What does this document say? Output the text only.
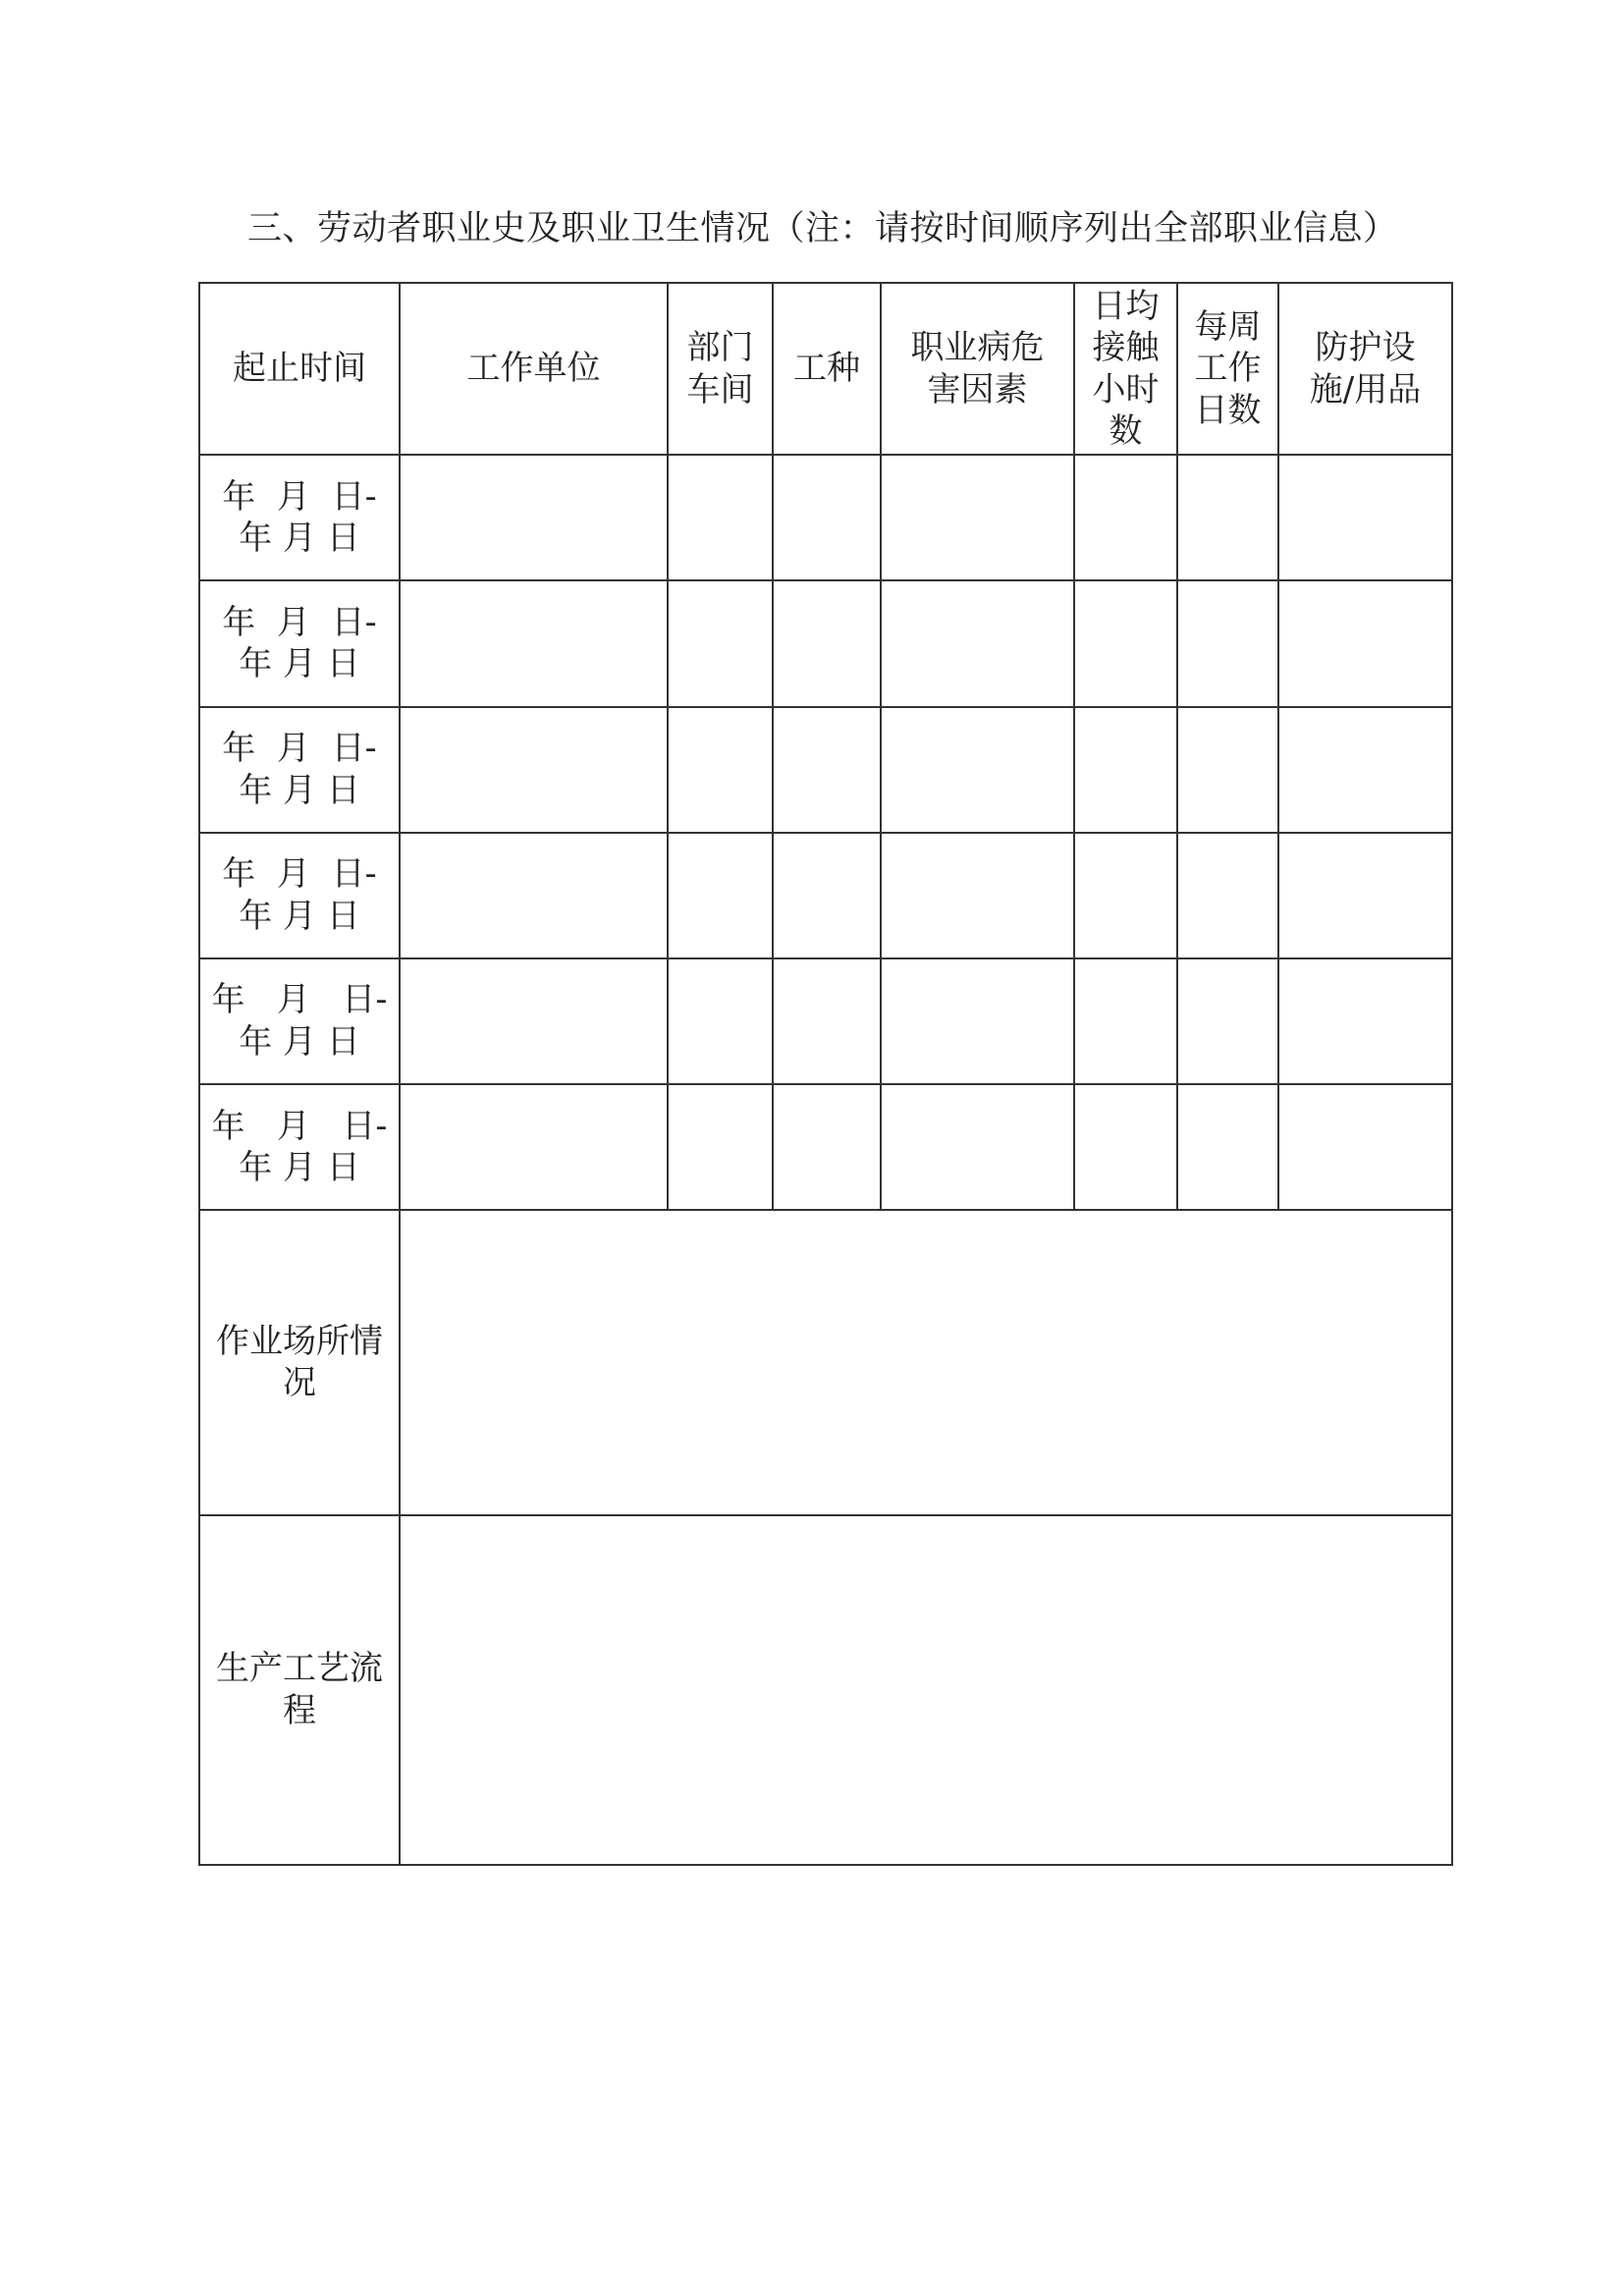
三、劳动者职业史及职业卫生情况（注：请按时间顺序列出全部职业信息）
起止时间	工作单位	部门车间	工种	职业病危害因素	日均接触小时数	每周工作日数	防护设施/用品
年  月  日-
年 月 日							
年  月  日-
年 月 日							
年  月  日-
年 月 日							
年  月  日-
年 月 日							
年   月   日-
年 月 日							
年   月   日-
年 月 日							
作业场所情况							
生产工艺流程							
